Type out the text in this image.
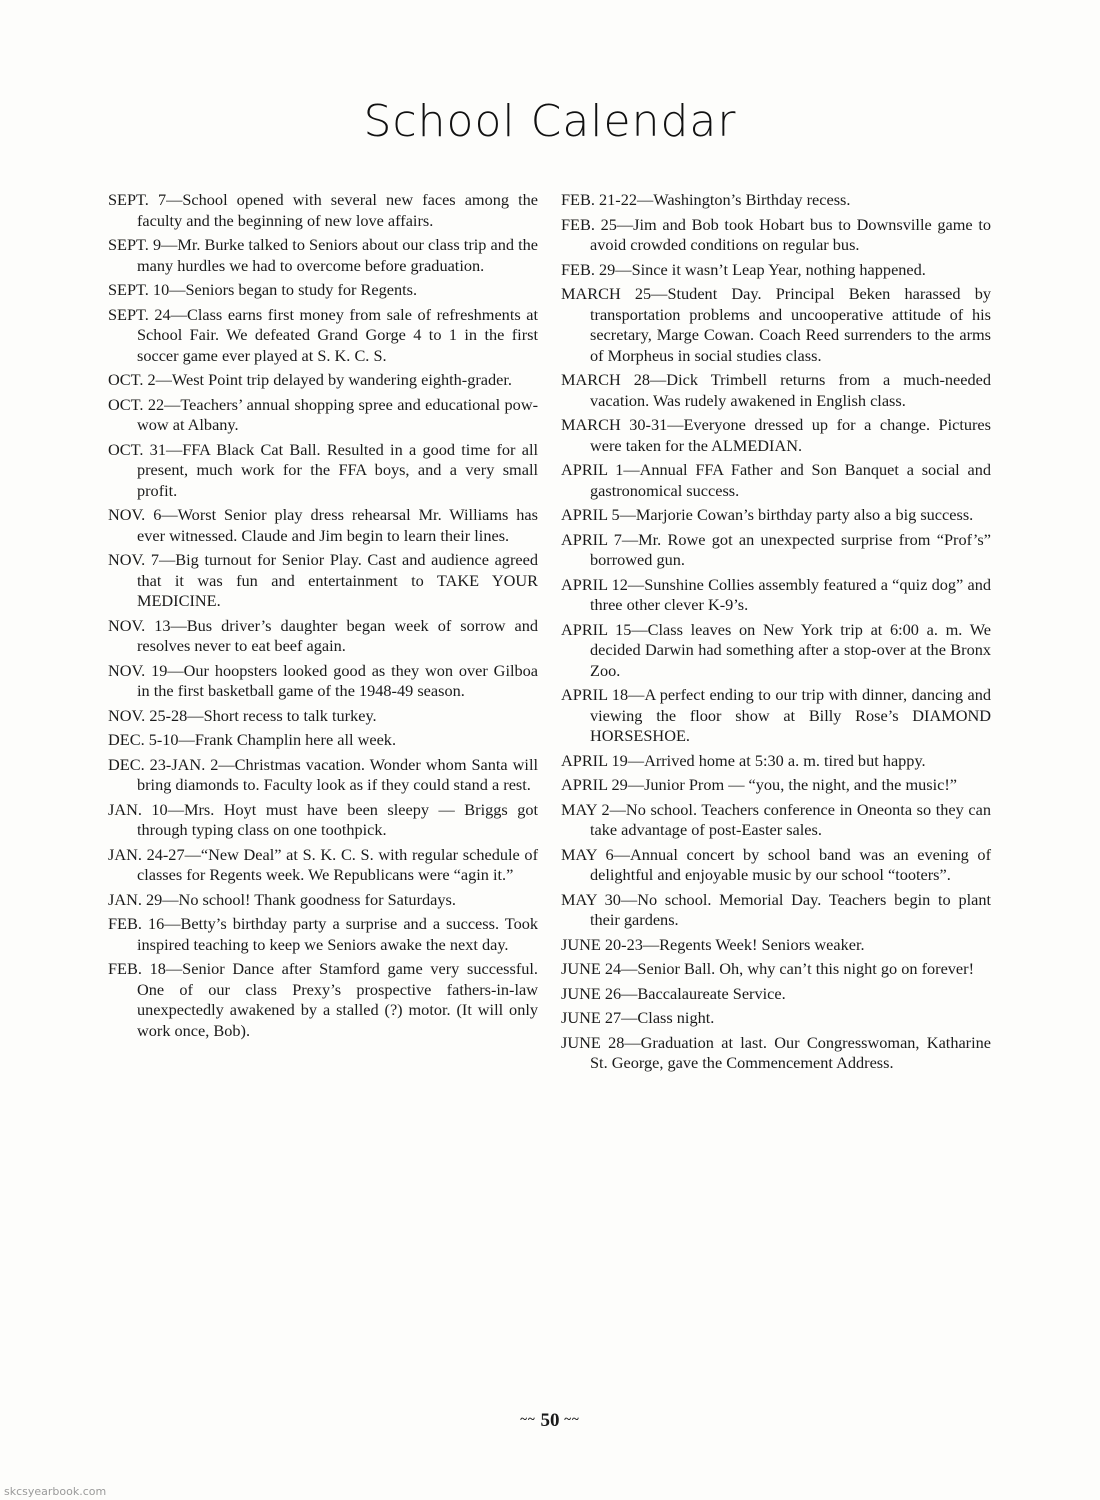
School Calendar

SEPT. 7—School opened with several new faces among the faculty and the beginning of new love affairs.

SEPT. 9—Mr. Burke talked to Seniors about our class trip and the many hurdles we had to overcome before graduation.

SEPT. 10—Seniors began to study for Regents.

SEPT. 24—Class earns first money from sale of refreshments at School Fair. We defeated Grand Gorge 4 to 1 in the first soccer game ever played at S. K. C. S.

OCT. 2—West Point trip delayed by wandering eighth-grader.

OCT. 22—Teachers’ annual shopping spree and educational pow-wow at Albany.

OCT. 31—FFA Black Cat Ball. Resulted in a good time for all present, much work for the FFA boys, and a very small profit.

NOV. 6—Worst Senior play dress rehearsal Mr. Williams has ever witnessed. Claude and Jim begin to learn their lines.

NOV. 7—Big turnout for Senior Play. Cast and audience agreed that it was fun and entertainment to TAKE YOUR MEDICINE.

NOV. 13—Bus driver’s daughter began week of sorrow and resolves never to eat beef again.

NOV. 19—Our hoopsters looked good as they won over Gilboa in the first basketball game of the 1948-49 season.

NOV. 25-28—Short recess to talk turkey.

DEC. 5-10—Frank Champlin here all week.

DEC. 23-JAN. 2—Christmas vacation. Wonder whom Santa will bring diamonds to. Faculty look as if they could stand a rest.

JAN. 10—Mrs. Hoyt must have been sleepy — Briggs got through typing class on one toothpick.

JAN. 24-27—“New Deal” at S. K. C. S. with regular schedule of classes for Regents week. We Republicans were “agin it.”

JAN. 29—No school! Thank goodness for Saturdays.

FEB. 16—Betty’s birthday party a surprise and a success. Took inspired teaching to keep we Seniors awake the next day.

FEB. 18—Senior Dance after Stamford game very successful. One of our class Prexy’s prospective fathers-in-law unexpectedly awakened by a stalled (?) motor. (It will only work once, Bob).

FEB. 21-22—Washington’s Birthday recess.

FEB. 25—Jim and Bob took Hobart bus to Downsville game to avoid crowded conditions on regular bus.

FEB. 29—Since it wasn’t Leap Year, nothing happened.

MARCH 25—Student Day. Principal Beken harassed by transportation problems and uncooperative attitude of his secretary, Marge Cowan. Coach Reed surrenders to the arms of Morpheus in social studies class.

MARCH 28—Dick Trimbell returns from a much-needed vacation. Was rudely awakened in English class.

MARCH 30-31—Everyone dressed up for a change. Pictures were taken for the ALMEDIAN.

APRIL 1—Annual FFA Father and Son Banquet a social and gastronomical success.

APRIL 5—Marjorie Cowan’s birthday party also a big success.

APRIL 7—Mr. Rowe got an unexpected surprise from “Prof’s” borrowed gun.

APRIL 12—Sunshine Collies assembly featured a “quiz dog” and three other clever K-9’s.

APRIL 15—Class leaves on New York trip at 6:00 a. m. We decided Darwin had something after a stop-over at the Bronx Zoo.

APRIL 18—A perfect ending to our trip with dinner, dancing and viewing the floor show at Billy Rose’s DIAMOND HORSESHOE.

APRIL 19—Arrived home at 5:30 a. m. tired but happy.

APRIL 29—Junior Prom — “you, the night, and the music!”

MAY 2—No school. Teachers conference in Oneonta so they can take advantage of post-Easter sales.

MAY 6—Annual concert by school band was an evening of delightful and enjoyable music by our school “tooters”.

MAY 30—No school. Memorial Day. Teachers begin to plant their gardens.

JUNE 20-23—Regents Week! Seniors weaker.

JUNE 24—Senior Ball. Oh, why can’t this night go on forever!

JUNE 26—Baccalaureate Service.

JUNE 27—Class night.

JUNE 28—Graduation at last. Our Congresswoman, Katharine St. George, gave the Commencement Address.

~~ 50 ~~
skcsyearbook.com
